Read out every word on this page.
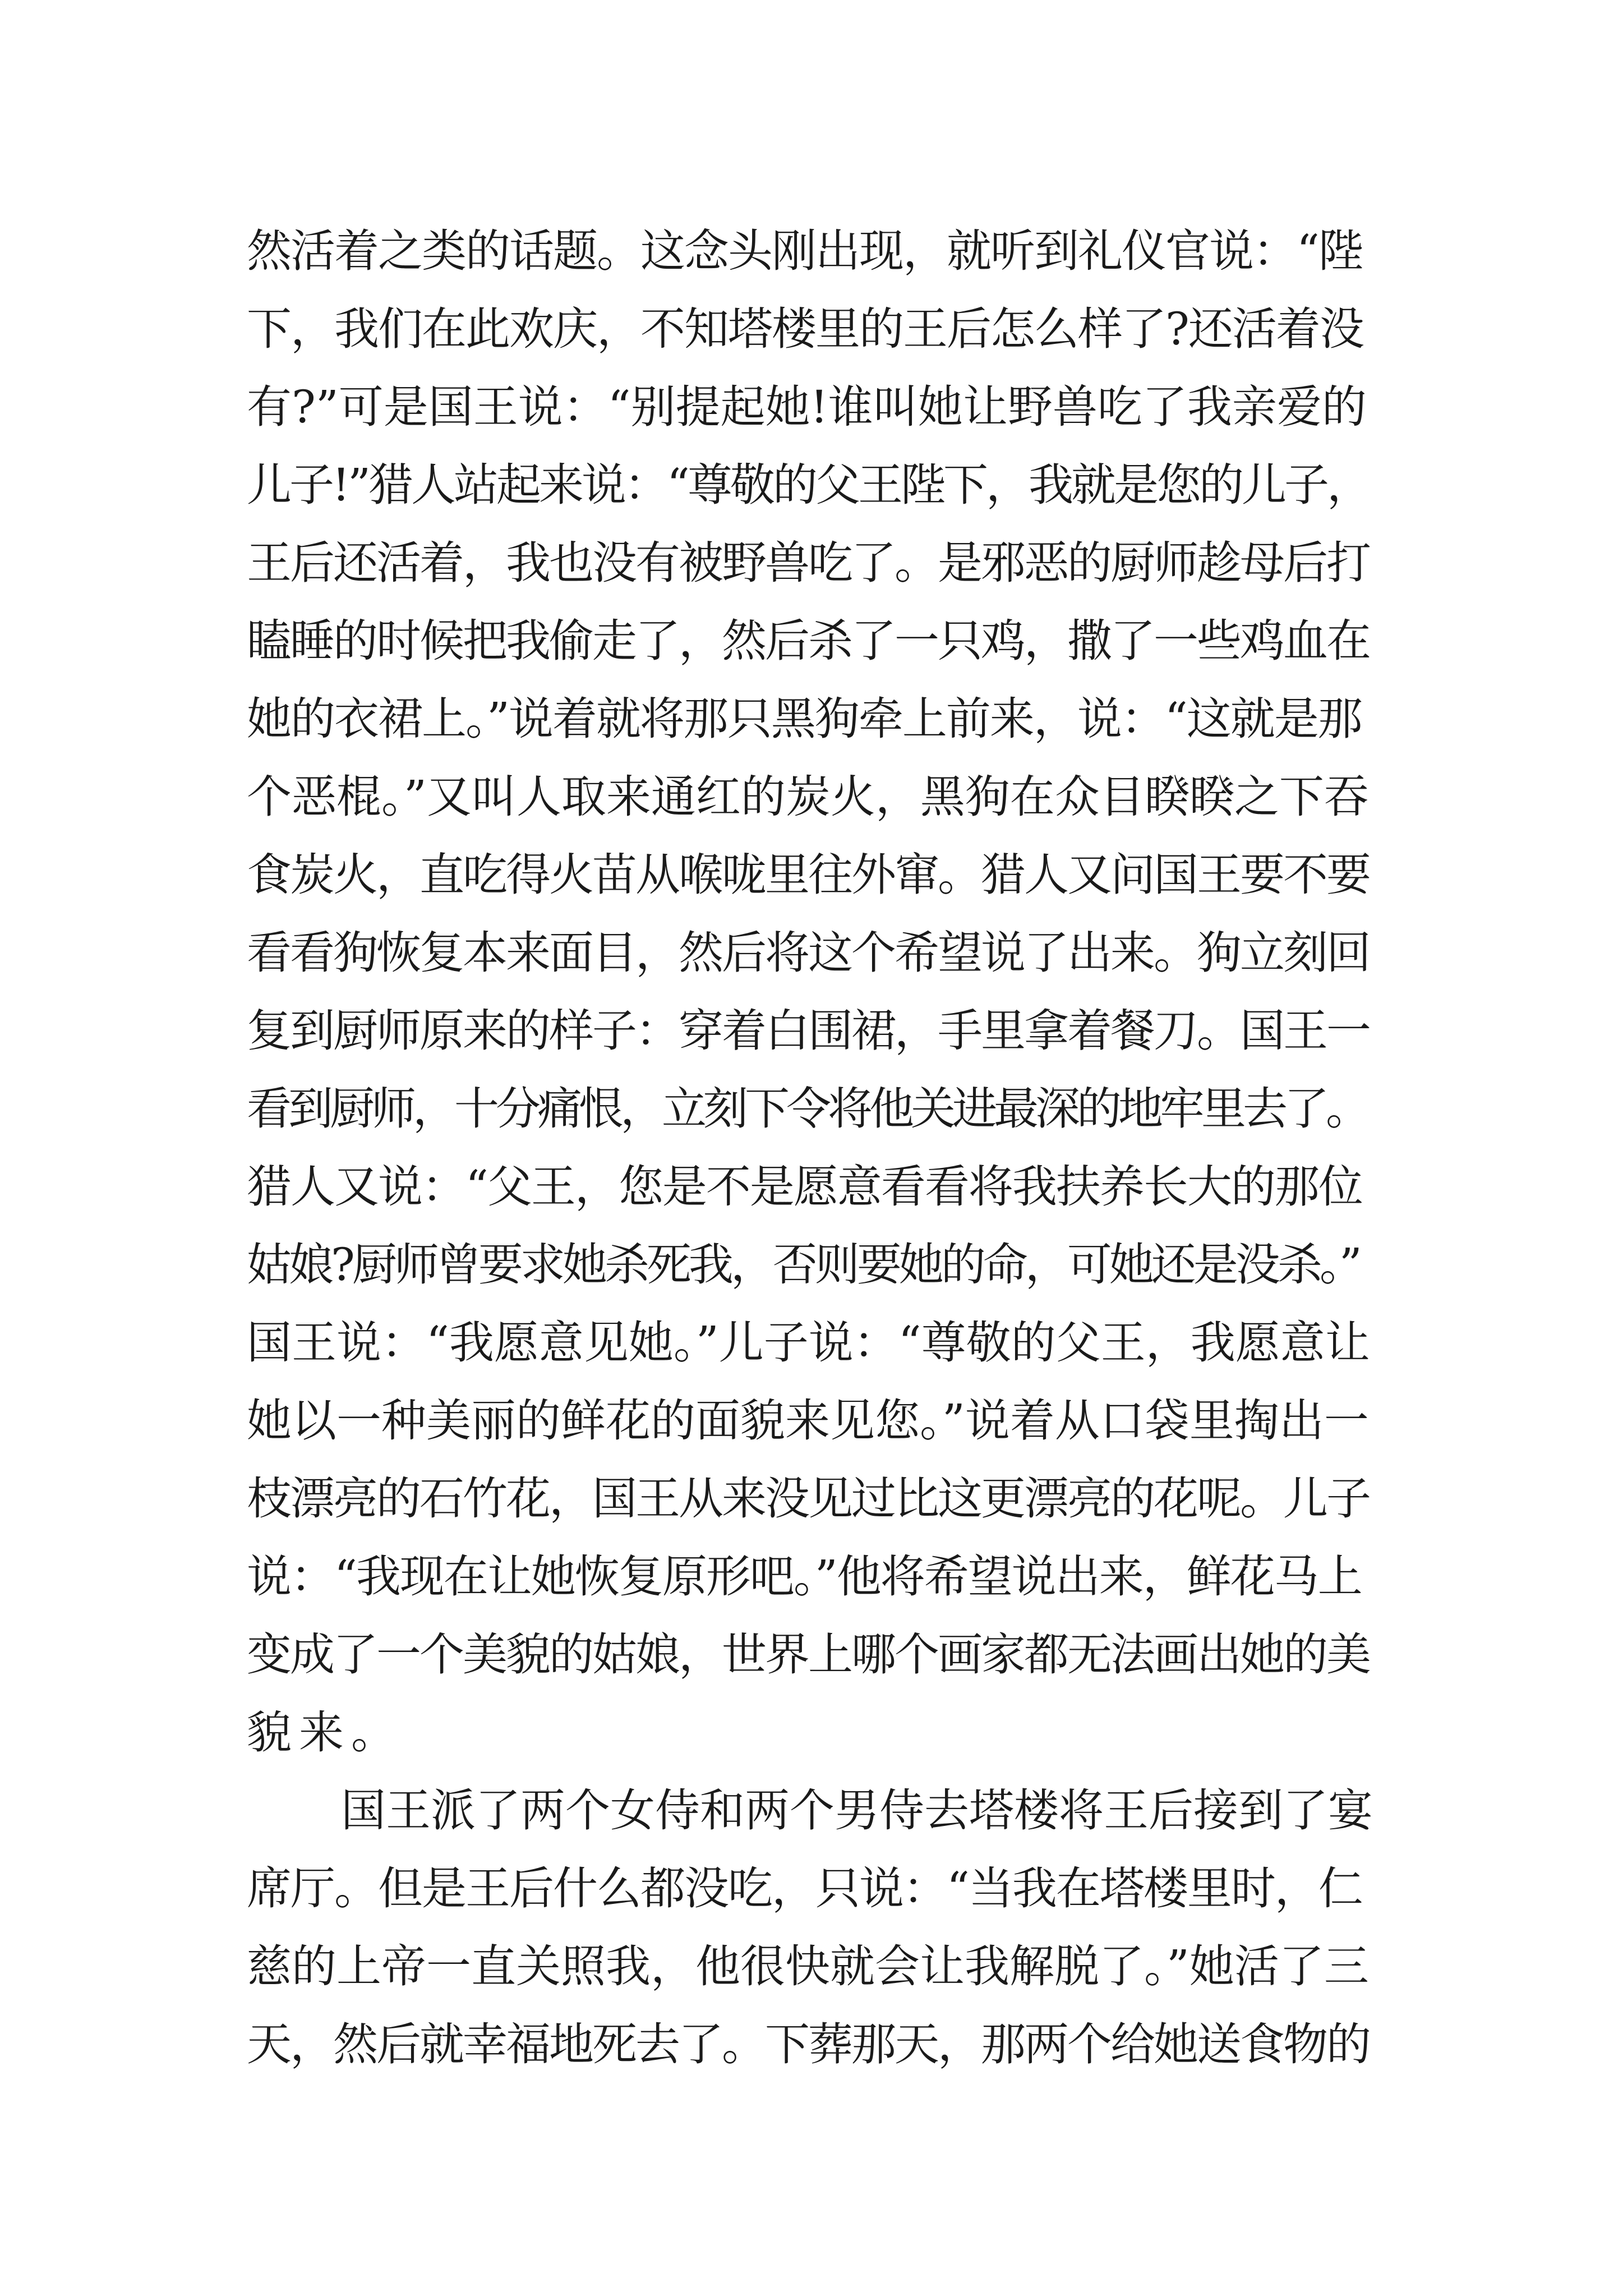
然活着之类的话题。这念头刚出现，就听到礼仪官说：“陛
下，我们在此欢庆，不知塔楼里的王后怎么样了?还活着没
有?”可是国王说：“别提起她!谁叫她让野兽吃了我亲爱的
儿子!”猎人站起来说：“尊敬的父王陛下，我就是您的儿子，
王后还活着，我也没有被野兽吃了。是邪恶的厨师趁母后打
瞌睡的时候把我偷走了，然后杀了一只鸡，撒了一些鸡血在
她的衣裙上。”说着就将那只黑狗牵上前来，说：“这就是那
个恶棍。”又叫人取来通红的炭火，黑狗在众目睽睽之下吞
食炭火，直吃得火苗从喉咙里往外窜。猎人又问国王要不要
看看狗恢复本来面目，然后将这个希望说了出来。狗立刻回
复到厨师原来的样子：穿着白围裙，手里拿着餐刀。国王一
看到厨师，十分痛恨，立刻下令将他关进最深的地牢里去了。
猎人又说：“父王，您是不是愿意看看将我扶养长大的那位
姑娘?厨师曾要求她杀死我，否则要她的命，可她还是没杀。”
国王说：“我愿意见她。”儿子说：“尊敬的父王，我愿意让
她以一种美丽的鲜花的面貌来见您。”说着从口袋里掏出一
枝漂亮的石竹花，国王从来没见过比这更漂亮的花呢。儿子
说：“我现在让她恢复原形吧。”他将希望说出来，鲜花马上
变成了一个美貌的姑娘，世界上哪个画家都无法画出她的美
貌来。
国王派了两个女侍和两个男侍去塔楼将王后接到了宴
席厅。但是王后什么都没吃，只说：“当我在塔楼里时，仁
慈的上帝一直关照我，他很快就会让我解脱了。”她活了三
天，然后就幸福地死去了。下葬那天，那两个给她送食物的
